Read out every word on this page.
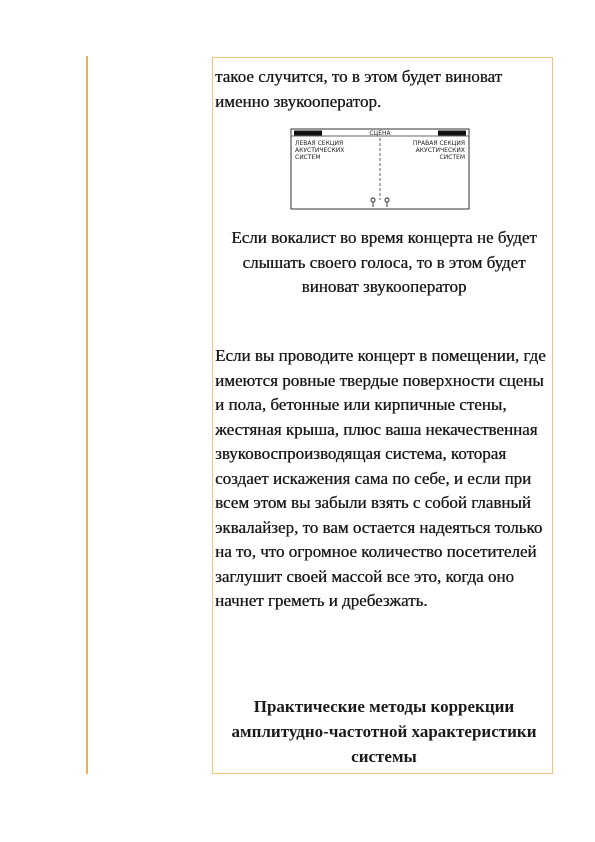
такое случится, то в этом будет виноват именно звукооператор.

СЦЕНА
ЛЕВАЯ СЕКЦИЯ
АКУСТИЧЕСКИХ
СИСТЕМ
ПРАВАЯ СЕКЦИЯ
АКУСТИЧЕСКИХ
СИСТЕМ

Если вокалист во время концерта не будет слышать своего голоса, то в этом будет виноват звукооператор

Если вы проводите концерт в помещении, где имеются ровные твердые поверхности сцены и пола, бетонные или кирпичные стены, жестяная крыша, плюс ваша некачественная звуковоспроизводящая система, которая создает искажения сама по себе, и если при всем этом вы забыли взять с собой главный эквалайзер, то вам остается надеяться только на то, что огромное количество посетителей заглушит своей массой все это, когда оно начнет греметь и дребезжать.

Практические методы коррекции амплитудно-частотной характеристики системы
